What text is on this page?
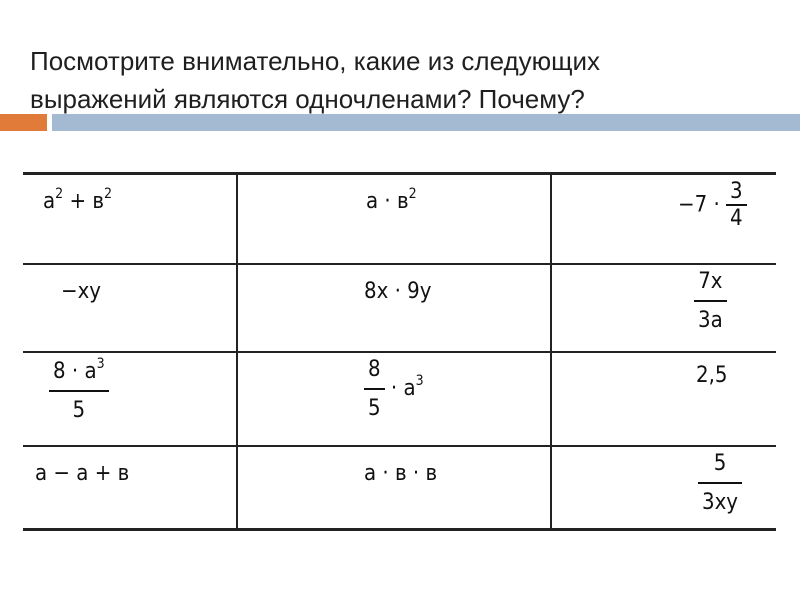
Посмотрите внимательно, какие из следующих
выражений являются одночленами? Почему?
$a^2 + в^2$	$a \cdot в^2$	$-7 \cdot \frac{3}{4}$

−xy	8x · 9y	$\frac{7x}{3a}$

$\frac{8 \cdot a^3}{5}$	$\frac{8}{5} \cdot a^3$	2,5

a − a + в	a · в · в	$\frac{5}{3xy}$
